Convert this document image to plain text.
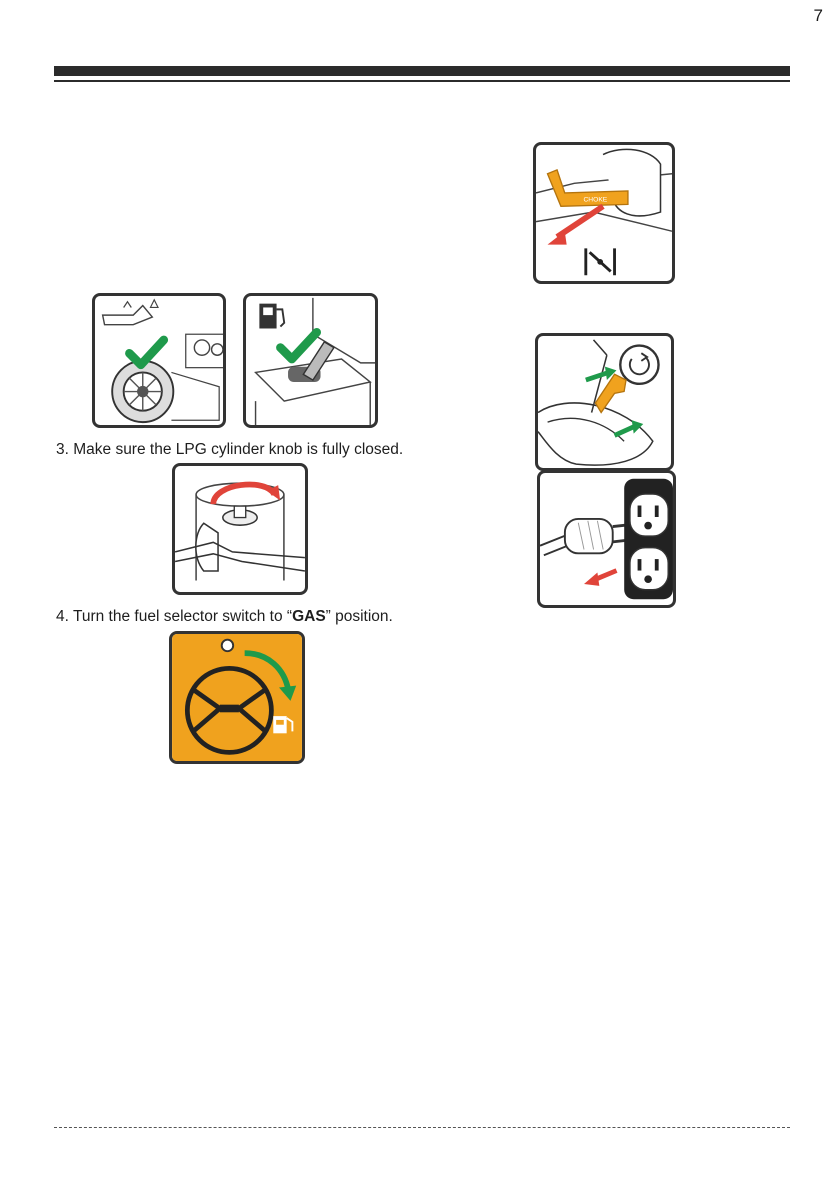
7
3. Make sure the LPG cylinder knob is fully closed.
4. Turn the fuel selector switch to “GAS” position.
CHOKE
